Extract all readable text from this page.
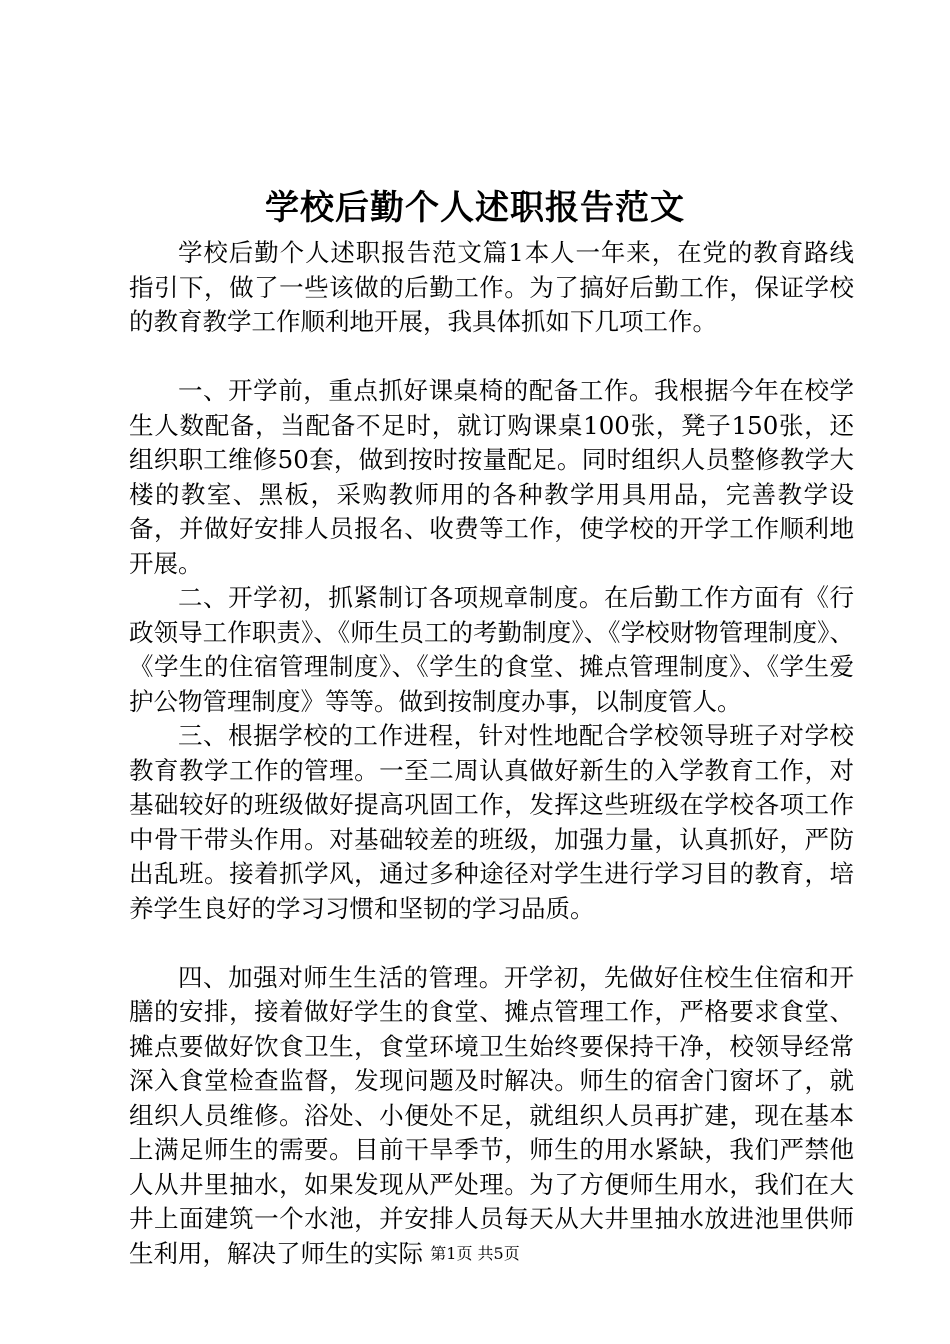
学校后勤个人述职报告范文

学校后勤个人述职报告范文篇1本人一年来，在党的教育路线指引下，做了一些该做的后勤工作。为了搞好后勤工作，保证学校的教育教学工作顺利地开展，我具体抓如下几项工作。

一、开学前，重点抓好课桌椅的配备工作。我根据今年在校学生人数配备，当配备不足时，就订购课桌100张，凳子150张，还组织职工维修50套，做到按时按量配足。同时组织人员整修教学大楼的教室、黑板，采购教师用的各种教学用具用品，完善教学设备，并做好安排人员报名、收费等工作，使学校的开学工作顺利地开展。

二、开学初，抓紧制订各项规章制度。在后勤工作方面有《行政领导工作职责》、《师生员工的考勤制度》、《学校财物管理制度》、《学生的住宿管理制度》、《学生的食堂、摊点管理制度》、《学生爱护公物管理制度》等等。做到按制度办事，以制度管人。

三、根据学校的工作进程，针对性地配合学校领导班子对学校教育教学工作的管理。一至二周认真做好新生的入学教育工作，对基础较好的班级做好提高巩固工作，发挥这些班级在学校各项工作中骨干带头作用。对基础较差的班级，加强力量，认真抓好，严防出乱班。接着抓学风，通过多种途径对学生进行学习目的教育，培养学生良好的学习习惯和坚韧的学习品质。

四、加强对师生生活的管理。开学初，先做好住校生住宿和开膳的安排，接着做好学生的食堂、摊点管理工作，严格要求食堂、摊点要做好饮食卫生，食堂环境卫生始终要保持干净，校领导经常深入食堂检查监督，发现问题及时解决。师生的宿舍门窗坏了，就组织人员维修。浴处、小便处不足，就组织人员再扩建，现在基本上满足师生的需要。目前干旱季节，师生的用水紧缺，我们严禁他人从井里抽水，如果发现从严处理。为了方便师生用水，我们在大井上面建筑一个水池，并安排人员每天从大井里抽水放进池里供师生利用，解决了师生的实际 第1页 共5页
